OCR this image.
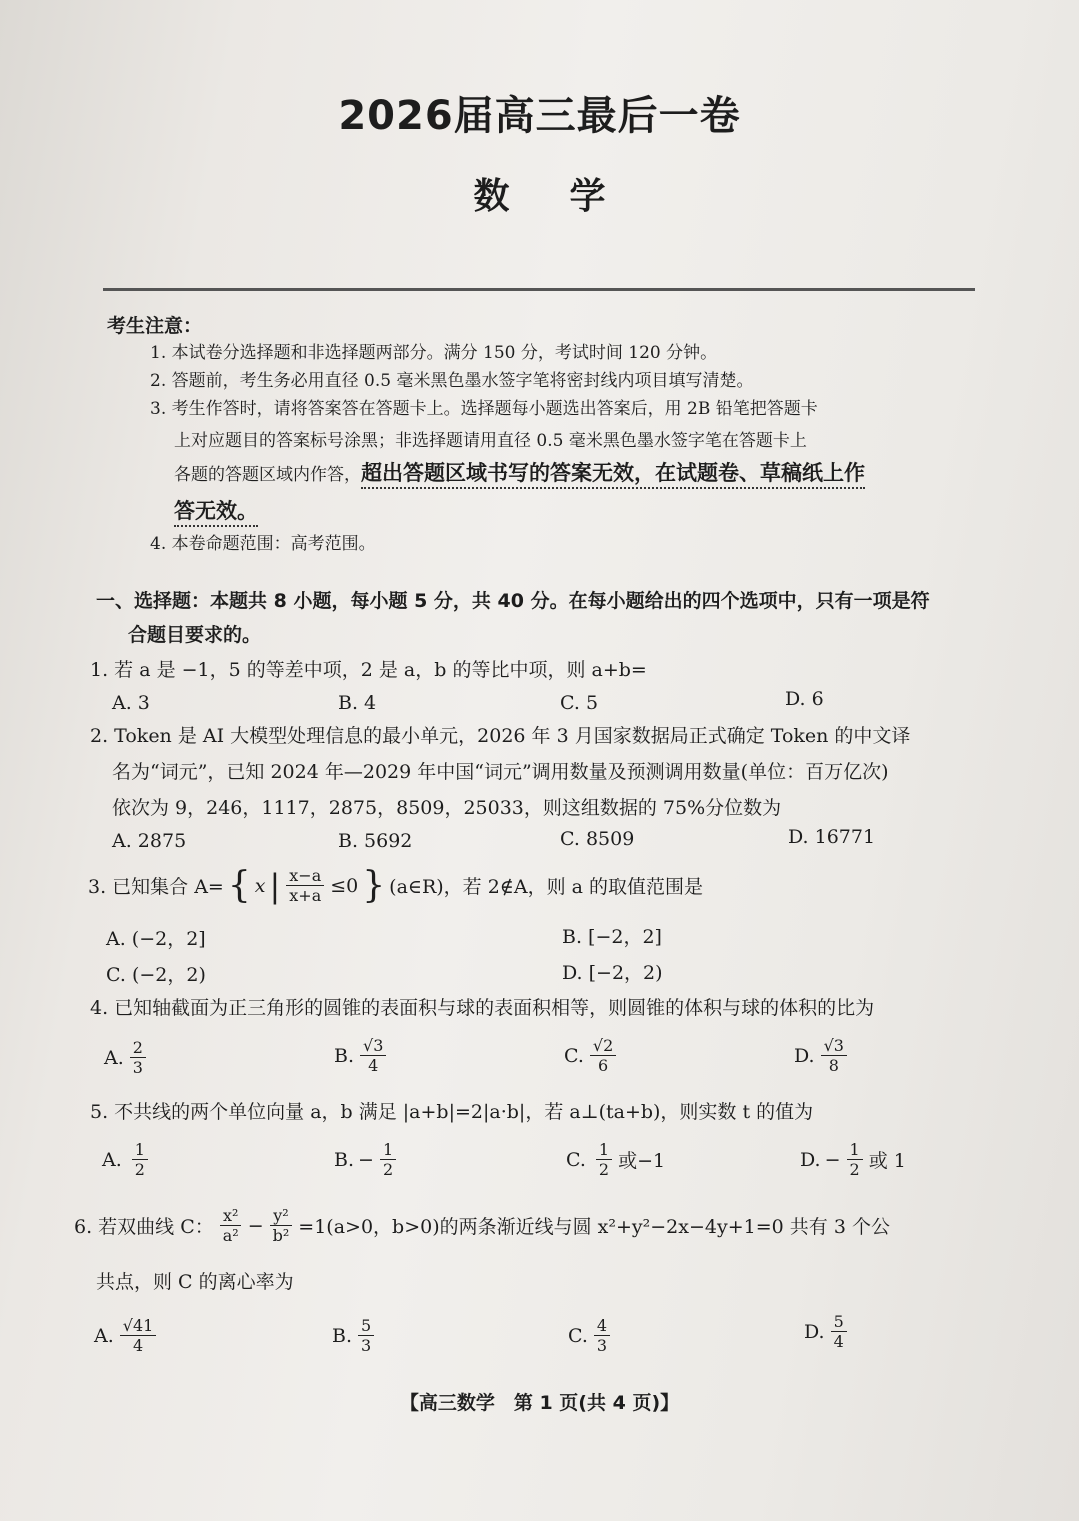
2026届高三最后一卷
数学
考生注意：
1. 本试卷分选择题和非选择题两部分。满分 150 分，考试时间 120 分钟。
2. 答题前，考生务必用直径 0.5 毫米黑色墨水签字笔将密封线内项目填写清楚。
3. 考生作答时，请将答案答在答题卡上。选择题每小题选出答案后，用 2B 铅笔把答题卡
上对应题目的答案标号涂黑；非选择题请用直径 0.5 毫米黑色墨水签字笔在答题卡上
各题的答题区域内作答，超出答题区域书写的答案无效，在试题卷、草稿纸上作
答无效。
4. 本卷命题范围：高考范围。
一、选择题：本题共 8 小题，每小题 5 分，共 40 分。在每小题给出的四个选项中，只有一项是符
合题目要求的。
1. 若 a 是 −1，5 的等差中项，2 是 a，b 的等比中项，则 a+b=
A. 3	B. 4	C. 5	D. 6
2. Token 是 AI 大模型处理信息的最小单元，2026 年 3 月国家数据局正式确定 Token 的中文译
名为“词元”，已知 2024 年—2029 年中国“词元”调用数量及预测调用数量(单位：百万亿次)
依次为 9，246，1117，2875，8509，25033，则这组数据的 75%分位数为
A. 2875	B. 5692	C. 8509	D. 16771
3. 已知集合 A= { x | $\frac{x-a}{x+a} \le 0$ } (a∈R)，若 2∉A，则 a 的取值范围是
A. (−2，2]	B. [−2，2]
C. (−2，2)	D. [−2，2)
4. 已知轴截面为正三角形的圆锥的表面积与球的表面积相等，则圆锥的体积与球的体积的比为
A. $\frac{2}{3}$	B. $\frac{√3}{4}$	C. $\frac{√2}{6}$	D. $\frac{√3}{8}$
5. 不共线的两个单位向量 a，b 满足 |a+b|=2|a·b|，若 a⊥(ta+b)，则实数 t 的值为
A. $\frac{1}{2}$	B. − $\frac{1}{2}$	C. $\frac{1}{2}$ 或−1	D. − $\frac{1}{2}$ 或 1
6. 若双曲线 C： $\frac{\text{x²}}{\text{a²}} - \frac{\text{y²}}{\text{b²}} =1(a>0$，b>0)的两条渐近线与圆 x²+y²−2x−4y+1=0 共有 3 个公
共点，则 C 的离心率为
A. $\frac{√41}{4}$	B. $\frac{5}{3}$	C. $\frac{4}{3}$	D. $\frac{5}{4}$
【高三数学　第 1 页(共 4 页)】
